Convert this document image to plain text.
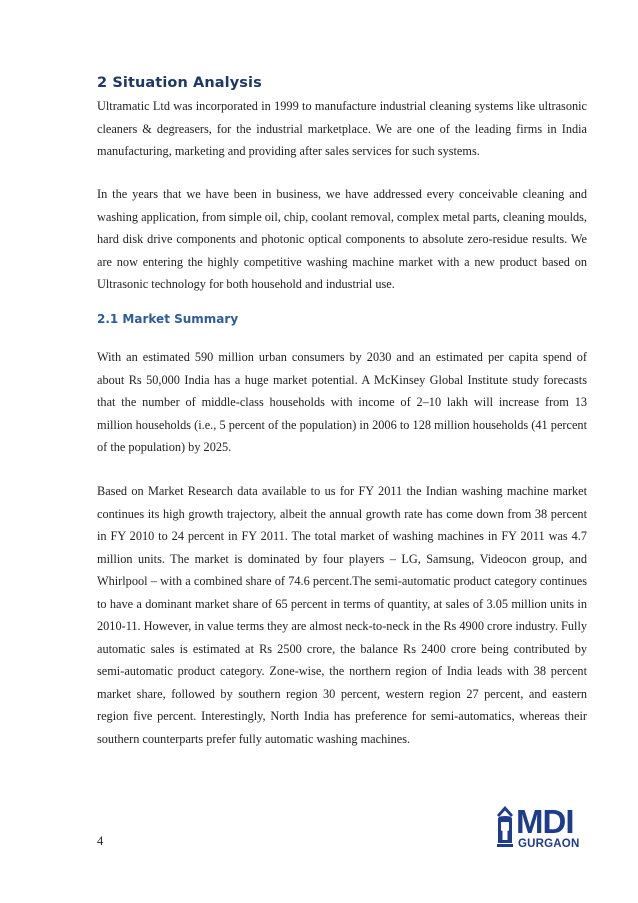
2 Situation Analysis

Ultramatic Ltd was incorporated in 1999 to manufacture industrial cleaning systems like ultrasonic cleaners & degreasers, for the industrial marketplace. We are one of the leading firms in India manufacturing, marketing and providing after sales services for such systems.

In the years that we have been in business, we have addressed every conceivable cleaning and washing application, from simple oil, chip, coolant removal, complex metal parts, cleaning moulds, hard disk drive components and photonic optical components to absolute zero-residue results. We are now entering the highly competitive washing machine market with a new product based on Ultrasonic technology for both household and industrial use.

2.1 Market Summary

With an estimated 590 million urban consumers by 2030 and an estimated per capita spend of about Rs 50,000 India has a huge market potential. A McKinsey Global Institute study forecasts that the number of middle-class households with income of 2–10 lakh will increase from 13 million households (i.e., 5 percent of the population) in 2006 to 128 million households (41 percent of the population) by 2025.

Based on Market Research data available to us for FY 2011 the Indian washing machine market continues its high growth trajectory, albeit the annual growth rate has come down from 38 percent in FY 2010 to 24 percent in FY 2011. The total market of washing machines in FY 2011 was 4.7 million units. The market is dominated by four players – LG, Samsung, Videocon group, and Whirlpool – with a combined share of 74.6 percent.The semi-automatic product category continues to have a dominant market share of 65 percent in terms of quantity, at sales of 3.05 million units in 2010-11. However, in value terms they are almost neck-to-neck in the Rs 4900 crore industry. Fully automatic sales is estimated at Rs 2500 crore, the balance Rs 2400 crore being contributed by semi-automatic product category. Zone-wise, the northern region of India leads with 38 percent market share, followed by southern region 30 percent, western region 27 percent, and eastern region five percent. Interestingly, North India has preference for semi-automatics, whereas their southern counterparts prefer fully automatic washing machines.

4
MDI
GURGAON
